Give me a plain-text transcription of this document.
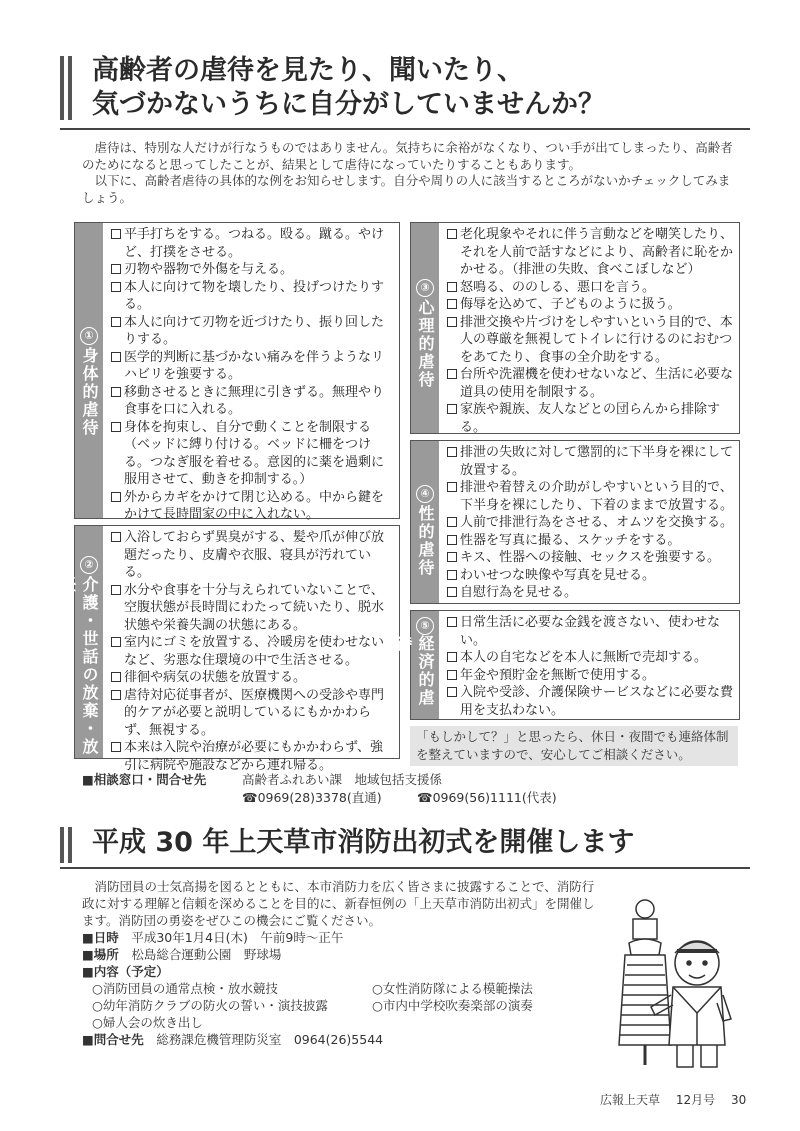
高齢者の虐待を見たり、聞いたり、
気づかないうちに自分がしていませんか？

虐待は、特別な人だけが行なうものではありません。気持ちに余裕がなくなり、つい手が出てしまったり、高齢者のためになると思ってしたことが、結果として虐待になっていたりすることもあります。

以下に、高齢者虐待の具体的な例をお知らせします。自分や周りの人に該当するところがないかチェックしてみましょう。

①
身体的虐待
平手打ちをする。つねる。殴る。蹴る。やけど、打撲をさせる。
刃物や器物で外傷を与える。
本人に向けて物を壊したり、投げつけたりする。
本人に向けて刃物を近づけたり、振り回したりする。
医学的判断に基づかない痛みを伴うようなリハビリを強要する。
移動させるときに無理に引きずる。無理やり食事を口に入れる。
身体を拘束し、自分で動くことを制限する（ベッドに縛り付ける。ベッドに柵をつける。つなぎ服を着せる。意図的に薬を過剰に服用させて、動きを抑制する。）
外からカギをかけて閉じ込める。中から鍵をかけて長時間家の中に入れない。
②
介護・世話の放棄・放任
入浴しておらず異臭がする、髪や爪が伸び放題だったり、皮膚や衣服、寝具が汚れている。
水分や食事を十分与えられていないことで、空腹状態が長時間にわたって続いたり、脱水状態や栄養失調の状態にある。
室内にゴミを放置する、冷暖房を使わせないなど、劣悪な住環境の中で生活させる。
徘徊や病気の状態を放置する。
虐待対応従事者が、医療機関への受診や専門的ケアが必要と説明しているにもかかわらず、無視する。
本来は入院や治療が必要にもかかわらず、強引に病院や施設などから連れ帰る。
③
心理的虐待
老化現象やそれに伴う言動などを嘲笑したり、それを人前で話すなどにより、高齢者に恥をかかせる。（排泄の失敗、食べこぼしなど）
怒鳴る、ののしる、悪口を言う。
侮辱を込めて、子どものように扱う。
排泄交換や片づけをしやすいという目的で、本人の尊厳を無視してトイレに行けるのにおむつをあてたり、食事の全介助をする。
台所や洗濯機を使わせないなど、生活に必要な道具の使用を制限する。
家族や親族、友人などとの団らんから排除する。
④
性的虐待
排泄の失敗に対して懲罰的に下半身を裸にして放置する。
排泄や着替えの介助がしやすいという目的で、下半身を裸にしたり、下着のままで放置する。
人前で排泄行為をさせる、オムツを交換する。
性器を写真に撮る、スケッチをする。
キス、性器への接触、セックスを強要する。
わいせつな映像や写真を見せる。
自慰行為を見せる。
⑤
経済的虐待
日常生活に必要な金銭を渡さない、使わせない。
本人の自宅などを本人に無断で売却する。
年金や預貯金を無断で使用する。
入院や受診、介護保険サービスなどに必要な費用を支払わない。
「もしかして？」と思ったら、休日・夜間でも連絡体制を整えていますので、安心してご相談ください。
■相談窓口・問合せ先	高齢者ふれあい課　地域包括支援係
☎0969(28)3378(直通)	☎0969(56)1111(代表)
平成 30 年上天草市消防出初式を開催します

消防団員の士気高揚を図るとともに、本市消防力を広く皆さまに披露することで、消防行政に対する理解と信頼を深めることを目的に、新春恒例の「上天草市消防出初式」を開催します。消防団の勇姿をぜひこの機会にご覧ください。

■日時　 平成30年1月4日(木)　午前9時～正午
■場所　 松島総合運動公園　野球場
■内容（予定）
○消防団員の通常点検・放水競技	○女性消防隊による模範操法
○幼年消防クラブの防火の誓い・演技披露	○市内中学校吹奏楽部の演奏
○婦人会の炊き出し
■問合せ先　 総務課危機管理防災室　0964(26)5544
広報上天草　 12月号　 30
